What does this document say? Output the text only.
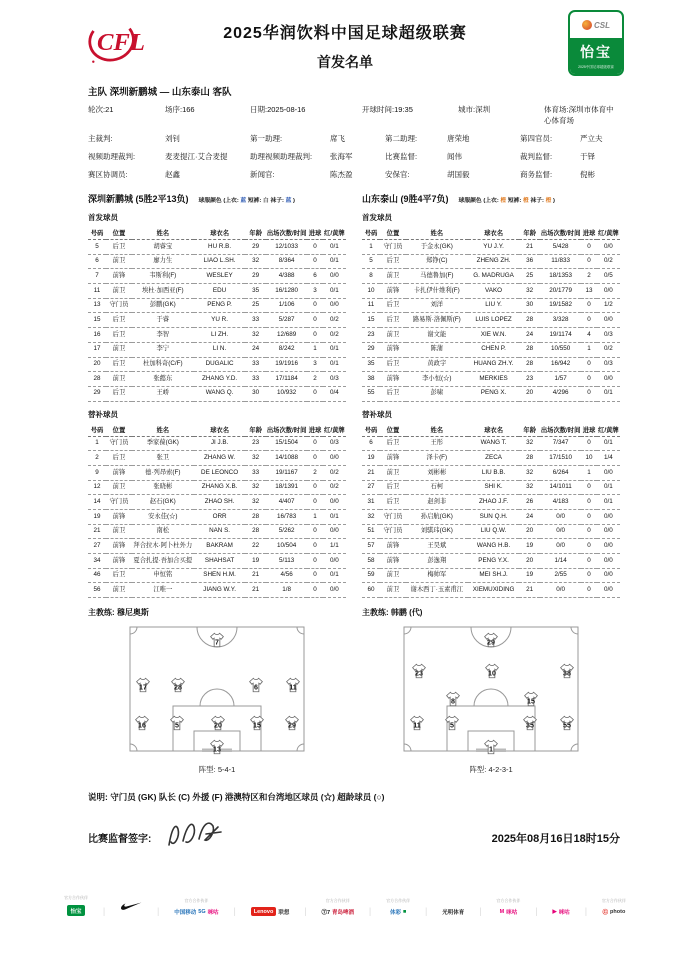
CFL	2025华润饮料中国足球超级联赛
首发名单
CSL
怡宝
2025中国足球超级联赛
主队 深圳新鹏城 — 山东泰山 客队
轮次:21	场序:166	日期:2025-08-16	开球时间:19:35	城市:深圳	体育场:深圳市体育中心体育场
主裁判:	刘钊	第一助理:	席飞	第二助理:	唐荣地	第四官员:	严立夫
视频助理裁判:	麦麦提江·艾合麦提	助理视频助理裁判: 张海军	比赛监督:	闻伟	裁判监督:	于铎
赛区协调员:	赵鑫	新闻官:	陈杰盈	安保官:	胡国毅	商务监督:	倪彬
深圳新鹏城 (5胜2平13负) 球服颜色 (上衣: 蓝 短裤: 白 袜子: 蓝 )
首发球员
号码	位置	姓名	球衣名	年龄	出场次数/时间	进球	红/黄牌
5	后卫	胡睿宝	HU R.B.	29	12/1033	0	0/1
6	前卫	廖力生	LIAO L.SH.	32	8/364	0	0/1
7	前锋	韦斯利(F)	WESLEY	29	4/388	6	0/0
11	前卫	埃杜·加西亚(F)	EDU	35	16/1280	3	0/1
13	守门员	彭鹏(GK)	PENG P.	25	1/106	0	0/0
15	后卫	于睿	YU R.	33	5/287	0	0/2
16	后卫	李智	LI ZH.	32	12/689	0	0/2
17	前卫	李宁	LI N.	24	8/242	1	0/1
20	后卫	杜加科奇(C/F)	DUGALIC	33	19/1916	3	0/1
28	前卫	张懿东	ZHANG Y.D.	33	17/1184	2	0/3
29	后卫	王峤	WANG Q.	30	10/932	0	0/4
替补球员
号码	位置	姓名	球衣名	年龄	出场次数/时间	进球	红/黄牌
1	守门员	季家葆(GK)	JI J.B.	23	15/1504	0	0/3
2	后卫	张卫	ZHANG W.	32	14/1088	0	0/0
9	前锋	德·列昂索(F)	DE LEONCO	33	19/1167	2	0/2
12	前卫	张晓彬	ZHANG X.B.	32	18/1391	0	0/2
14	守门员	赵石(GK)	ZHAO SH.	32	4/407	0	0/0
19	前锋	安永佳(☆)	ORR	28	16/783	1	0/1
21	前卫	南松	NAN S.	28	5/262	0	0/0
27	前锋	拜合拉木·阿卜杜外力	BAKRAM	22	10/504	0	1/1
34	前锋	夏合扎提·吾加合买提	SHAHSAT	19	5/113	0	0/0
46	后卫	申恒铭	SHEN H.M.	21	4/56	0	0/1
56	前卫	江唯一	JIANG W.Y.	21	1/8	0	0/0
主教练: 穆尼奥斯
山东泰山 (9胜4平7负) 球服颜色 (上衣: 橙 短裤: 橙 袜子: 橙 )
首发球员
号码	位置	姓名	球衣名	年龄	出场次数/时间	进球	红/黄牌
1	守门员	于金永(GK)	YU J.Y.	21	5/428	0	0/0
5	后卫	郑铮(C)	ZHENG ZH.	36	11/833	0	0/2
8	前卫	马德鲁加(F)	G. MADRUGA	25	18/1353	2	0/5
10	前锋	卡扎伊什维利(F)	VAKO	32	20/1779	13	0/0
11	后卫	刘洋	LIU Y.	30	19/1582	0	1/2
15	后卫	路易斯·洛佩斯(F)	LUIS LOPEZ	28	3/328	0	0/0
23	前卫	谢文能	XIE W.N.	24	19/1174	4	0/3
29	前锋	陈蒲	CHEN P.	28	10/550	1	0/2
35	后卫	黄政宇	HUANG ZH.Y.	28	16/942	0	0/3
38	前锋	李小恒(☆)	MERKIES	23	1/57	0	0/0
55	后卫	彭啸	PENG X.	20	4/296	0	0/1
替补球员
号码	位置	姓名	球衣名	年龄	出场次数/时间	进球	红/黄牌
6	后卫	王彤	WANG T.	32	7/347	0	0/1
19	前锋	泽卡(F)	ZECA	28	17/1510	10	1/4
21	前卫	刘彬彬	LIU B.B.	32	6/264	1	0/0
27	后卫	石柯	SHI K.	32	14/1011	0	0/1
31	后卫	赵剑非	ZHAO J.F.	26	4/183	0	0/1
32	守门员	孙启航(GK)	SUN Q.H.	24	0/0	0	0/0
51	守门员	刘骐玮(GK)	LIU Q.W.	20	0/0	0	0/0
57	前锋	王昊斌	WANG H.B.	19	0/0	0	0/0
58	前锋	彭逸翔	PENG Y.X.	20	1/14	0	0/0
59	前卫	梅帅军	MEI SH.J.	19	2/55	0	0/0
60	前卫	谢木西丁·玉素甫江	XIEMUXIDING	21	0/0	0	0/0
主教练: 韩鹏 (代)
7
17	28	6	11
16	5	20	15	29
13
阵型: 5-4-1
29
23	10	38
8	15
11	5	35	55
1
阵型: 4-2-3-1
说明: 守门员 (GK) 队长 (C) 外援 (F) 港澳特区和台湾地区球员 (☆) 超龄球员 (○)
比赛监督签字:	2025年08月16日18时15分
官方合作伙伴
怡宝	|	|
官方合作伙伴
中国移动 5G 咪咕 |	Lenovo 联想 |
官方合作伙伴
Ⓣ7 青岛啤酒 |
官方合作伙伴
体彩 ■ |	光明体育 |
官方合作伙伴
M 咪咕 |	▶ 咪咕 |
官方合作伙伴
Ⓖ photo
